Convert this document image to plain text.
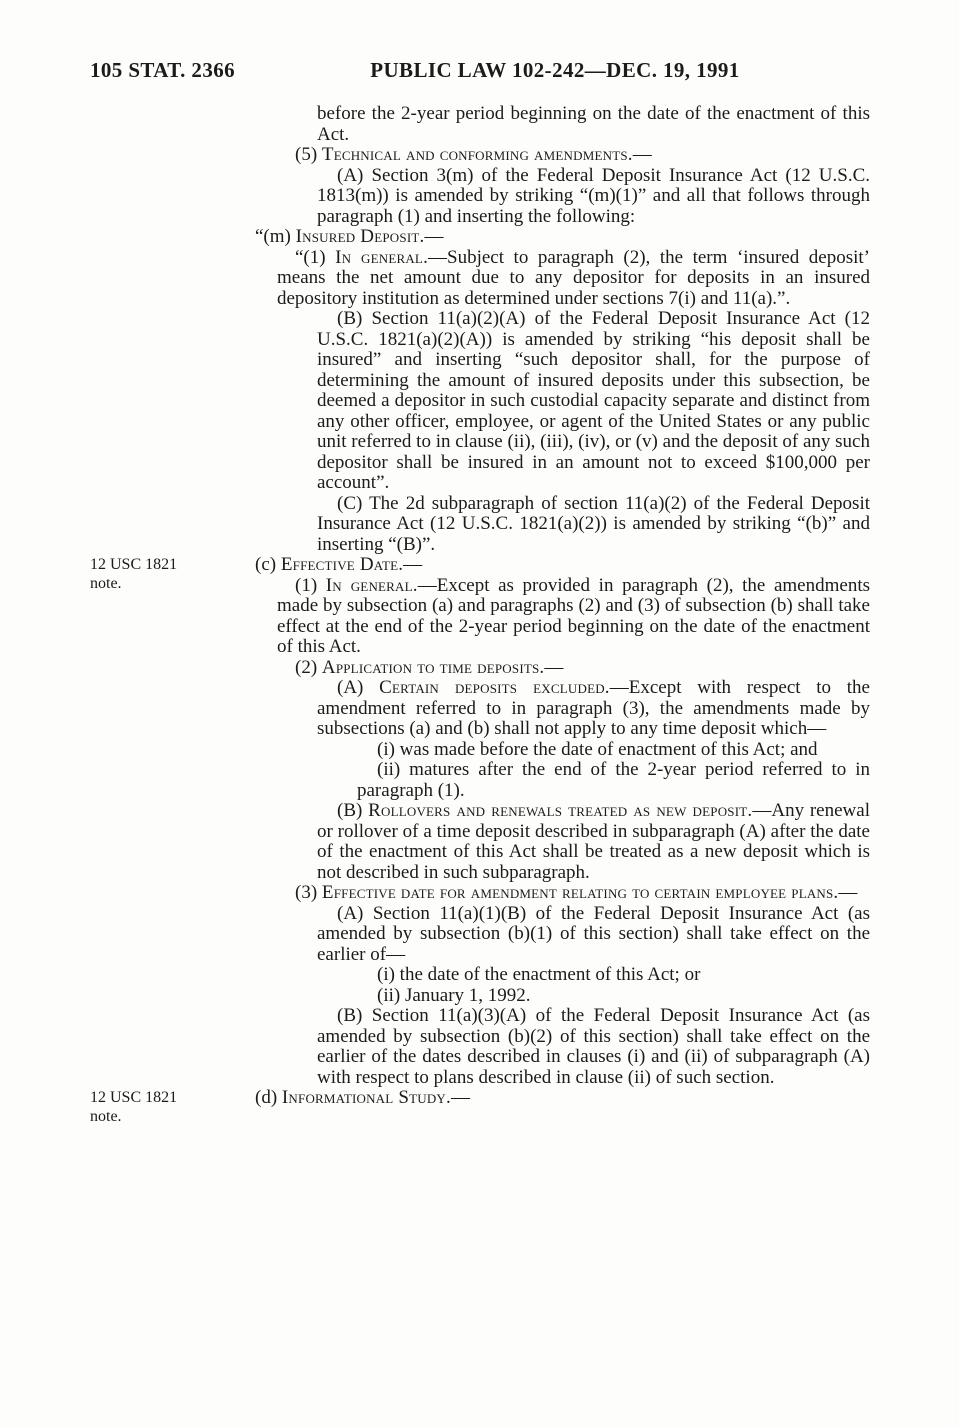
105 STAT. 2366	PUBLIC LAW 102-242—DEC. 19, 1991

before the 2-year period beginning on the date of the enactment of this Act.

(5) Technical and conforming amendments.—

(A) Section 3(m) of the Federal Deposit Insurance Act (12 U.S.C. 1813(m)) is amended by striking “(m)(1)” and all that follows through paragraph (1) and inserting the following:

“(m) Insured Deposit.—

“(1) In general.—Subject to paragraph (2), the term ‘insured deposit’ means the net amount due to any depositor for deposits in an insured depository institution as determined under sections 7(i) and 11(a).”.

(B) Section 11(a)(2)(A) of the Federal Deposit Insurance Act (12 U.S.C. 1821(a)(2)(A)) is amended by striking “his deposit shall be insured” and inserting “such depositor shall, for the purpose of determining the amount of insured deposits under this subsection, be deemed a depositor in such custodial capacity separate and distinct from any other officer, employee, or agent of the United States or any public unit referred to in clause (ii), (iii), (iv), or (v) and the deposit of any such depositor shall be insured in an amount not to exceed $100,000 per account”.

(C) The 2d subparagraph of section 11(a)(2) of the Federal Deposit Insurance Act (12 U.S.C. 1821(a)(2)) is amended by striking “(b)” and inserting “(B)”.

(c) Effective Date.—

(1) In general.—Except as provided in paragraph (2), the amendments made by subsection (a) and paragraphs (2) and (3) of subsection (b) shall take effect at the end of the 2-year period beginning on the date of the enactment of this Act.

(2) Application to time deposits.—

(A) Certain deposits excluded.—Except with respect to the amendment referred to in paragraph (3), the amendments made by subsections (a) and (b) shall not apply to any time deposit which—

(i) was made before the date of enactment of this Act; and

(ii) matures after the end of the 2-year period referred to in paragraph (1).

(B) Rollovers and renewals treated as new deposit.—Any renewal or rollover of a time deposit described in subparagraph (A) after the date of the enactment of this Act shall be treated as a new deposit which is not described in such subparagraph.

(3) Effective date for amendment relating to certain employee plans.—

(A) Section 11(a)(1)(B) of the Federal Deposit Insurance Act (as amended by subsection (b)(1) of this section) shall take effect on the earlier of—

(i) the date of the enactment of this Act; or

(ii) January 1, 1992.

(B) Section 11(a)(3)(A) of the Federal Deposit Insurance Act (as amended by subsection (b)(2) of this section) shall take effect on the earlier of the dates described in clauses (i) and (ii) of subparagraph (A) with respect to plans described in clause (ii) of such section.

(d) Informational Study.—

12 USC 1821
note.
12 USC 1821
note.
